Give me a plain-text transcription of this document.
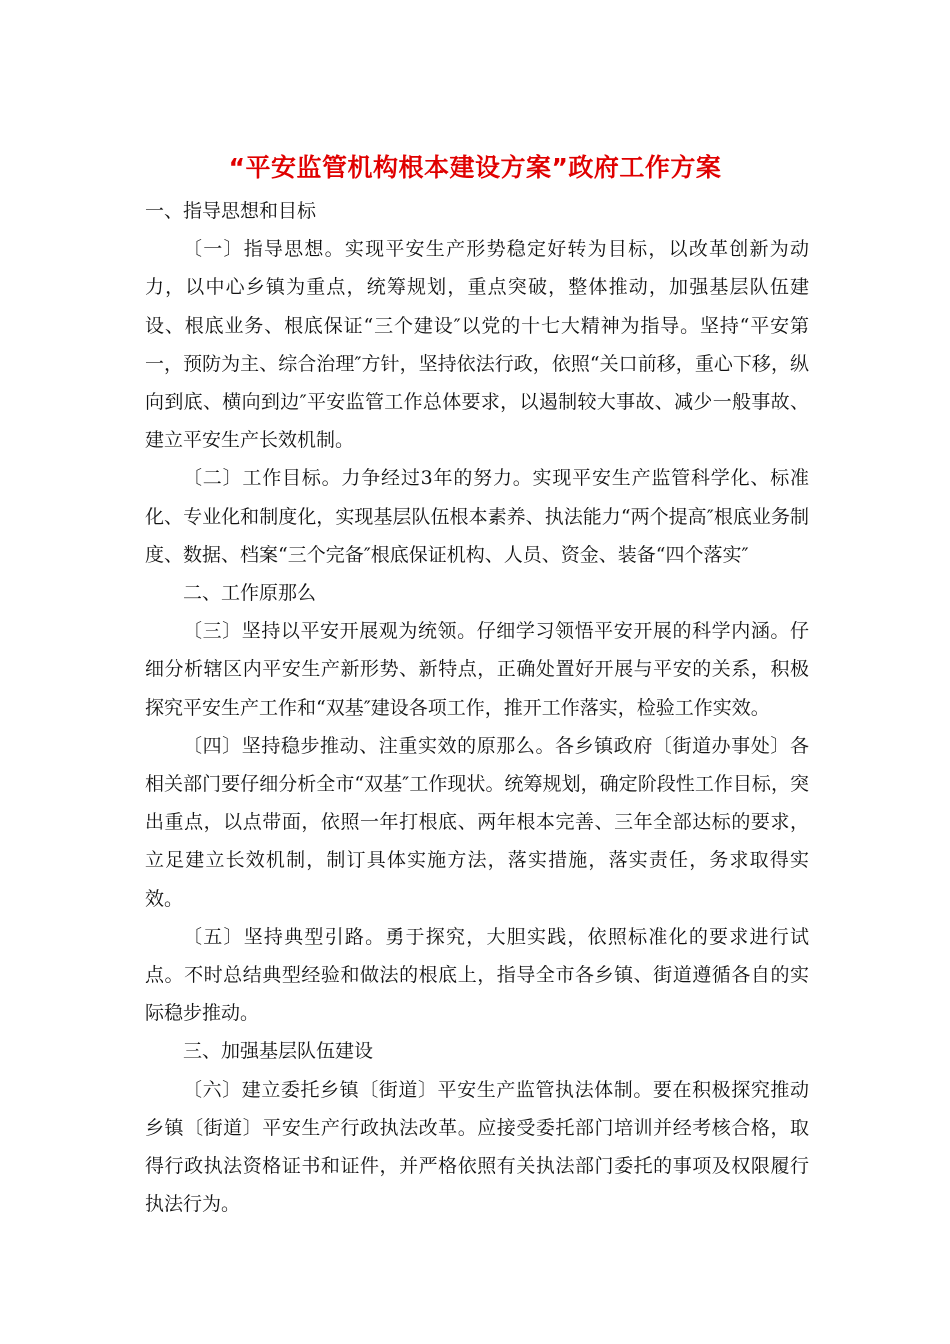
“平安监管机构根本建设方案”政府工作方案

一、指导思想和目标

〔一〕指导思想。实现平安生产形势稳定好转为目标，以改革创新为动力，以中心乡镇为重点，统筹规划，重点突破，整体推动，加强基层队伍建设、根底业务、根底保证“三个建设″以党的十七大精神为指导。坚持“平安第一，预防为主、综合治理″方针，坚持依法行政，依照“关口前移，重心下移，纵向到底、横向到边″平安监管工作总体要求，以遏制较大事故、减少一般事故、建立平安生产长效机制。

〔二〕工作目标。力争经过3年的努力。实现平安生产监管科学化、标准化、专业化和制度化，实现基层队伍根本素养、执法能力“两个提高″根底业务制度、数据、档案“三个完备″根底保证机构、人员、资金、装备“四个落实″

二、工作原那么

〔三〕坚持以平安开展观为统领。仔细学习领悟平安开展的科学内涵。仔细分析辖区内平安生产新形势、新特点，正确处置好开展与平安的关系，积极探究平安生产工作和“双基″建设各项工作，推开工作落实，检验工作实效。

〔四〕坚持稳步推动、注重实效的原那么。各乡镇政府〔街道办事处〕各相关部门要仔细分析全市“双基″工作现状。统筹规划，确定阶段性工作目标，突出重点，以点带面，依照一年打根底、两年根本完善、三年全部达标的要求，立足建立长效机制，制订具体实施方法，落实措施，落实责任，务求取得实效。

〔五〕坚持典型引路。勇于探究，大胆实践，依照标准化的要求进行试点。不时总结典型经验和做法的根底上，指导全市各乡镇、街道遵循各自的实际稳步推动。

三、加强基层队伍建设

〔六〕建立委托乡镇〔街道〕平安生产监管执法体制。要在积极探究推动乡镇〔街道〕平安生产行政执法改革。应接受委托部门培训并经考核合格，取得行政执法资格证书和证件，并严格依照有关执法部门委托的事项及权限履行执法行为。
